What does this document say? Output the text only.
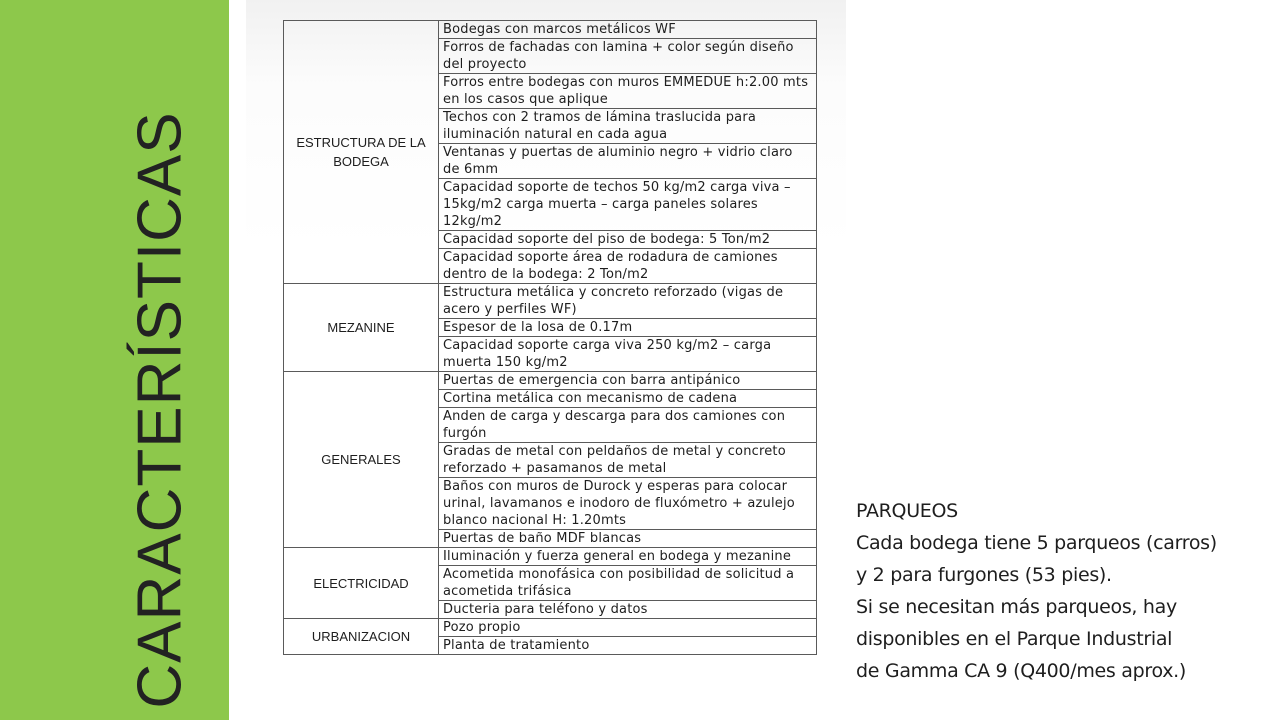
CARACTERÍSTICAS	ESTRUCTURA DE LA
BODEGA	Bodegas con marcos metálicos WF
	Forros de fachadas con lamina + color según diseño del proyecto
	Forros entre bodegas con muros EMMEDUE h:2.00 mts en los casos que aplique
	Techos con 2 tramos de lámina traslucida para iluminación natural en cada agua
	Ventanas y puertas de aluminio negro + vidrio claro de 6mm
	Capacidad soporte de techos 50 kg/m2 carga viva – 15kg/m2 carga muerta – carga paneles solares 12kg/m2
	Capacidad soporte del piso de bodega: 5 Ton/m2
	Capacidad soporte área de rodadura de camiones dentro de la bodega: 2 Ton/m2

MEZANINE	Estructura metálica y concreto reforzado (vigas de acero y perfiles WF)
	Espesor de la losa de 0.17m
	Capacidad soporte carga viva 250 kg/m2 – carga muerta 150 kg/m2

GENERALES	Puertas de emergencia con barra antipánico
	Cortina metálica con mecanismo de cadena
	Anden de carga y descarga para dos camiones con furgón
	Gradas de metal con peldaños de metal y concreto reforzado + pasamanos de metal
	Baños con muros de Durock y esperas para colocar urinal, lavamanos e inodoro de fluxómetro + azulejo blanco nacional H: 1.20mts
	Puertas de baño MDF blancas

ELECTRICIDAD	Iluminación y fuerza general en bodega y mezanine
	Acometida monofásica con posibilidad de solicitud a acometida trifásica
	Ducteria para teléfono y datos

URBANIZACION	Pozo propio
	Planta de tratamiento
PARQUEOS
Cada bodega tiene 5 parqueos (carros)
y 2 para furgones (53 pies).
Si se necesitan más parqueos, hay
disponibles en el Parque Industrial
de Gamma CA 9 (Q400/mes aprox.)
